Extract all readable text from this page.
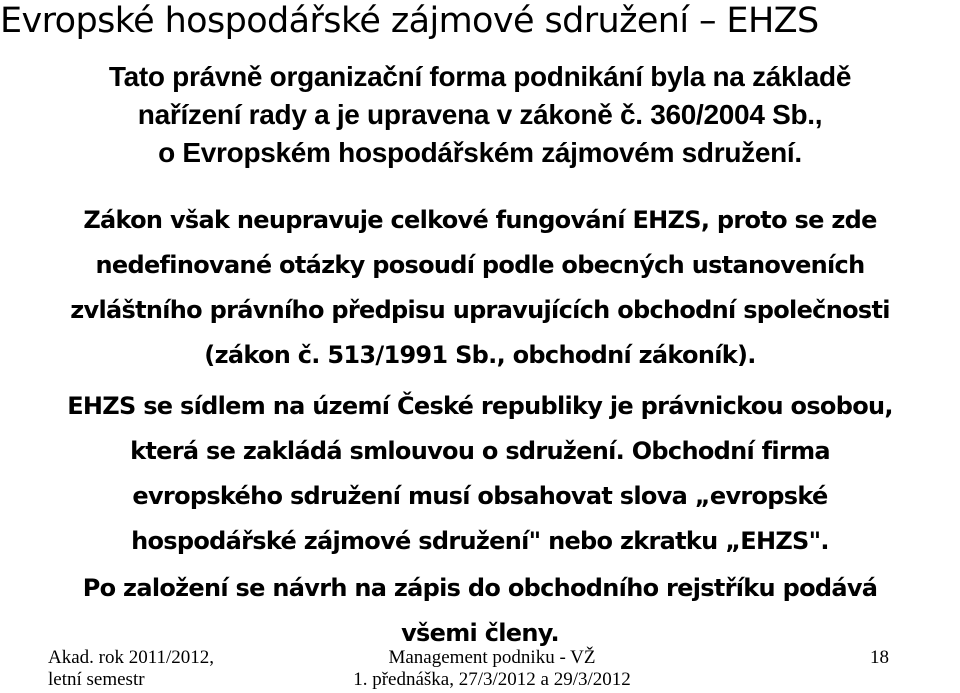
Evropské hospodářské zájmové sdružení – EHZS
Tato právně organizační forma podnikání byla na základě
nařízení rady a je upravena v zákoně č. 360/2004 Sb.,
o Evropském hospodářském zájmovém sdružení.
Zákon však neupravuje celkové fungování EHZS, proto se zde
nedefinované otázky posoudí podle obecných ustanoveních
zvláštního právního předpisu upravujících obchodní společnosti
(zákon č. 513/1991 Sb., obchodní zákoník).
EHZS se sídlem na území České republiky je právnickou osobou,
která se zakládá smlouvou o sdružení. Obchodní firma
evropského sdružení musí obsahovat slova „evropské
hospodářské zájmové sdružení" nebo zkratku „EHZS".
Po založení se návrh na zápis do obchodního rejstříku podává
všemi členy.
Akad. rok 2011/2012,
letní semestr
Management podniku - VŽ
1. přednáška, 27/3/2012 a 29/3/2012
18
